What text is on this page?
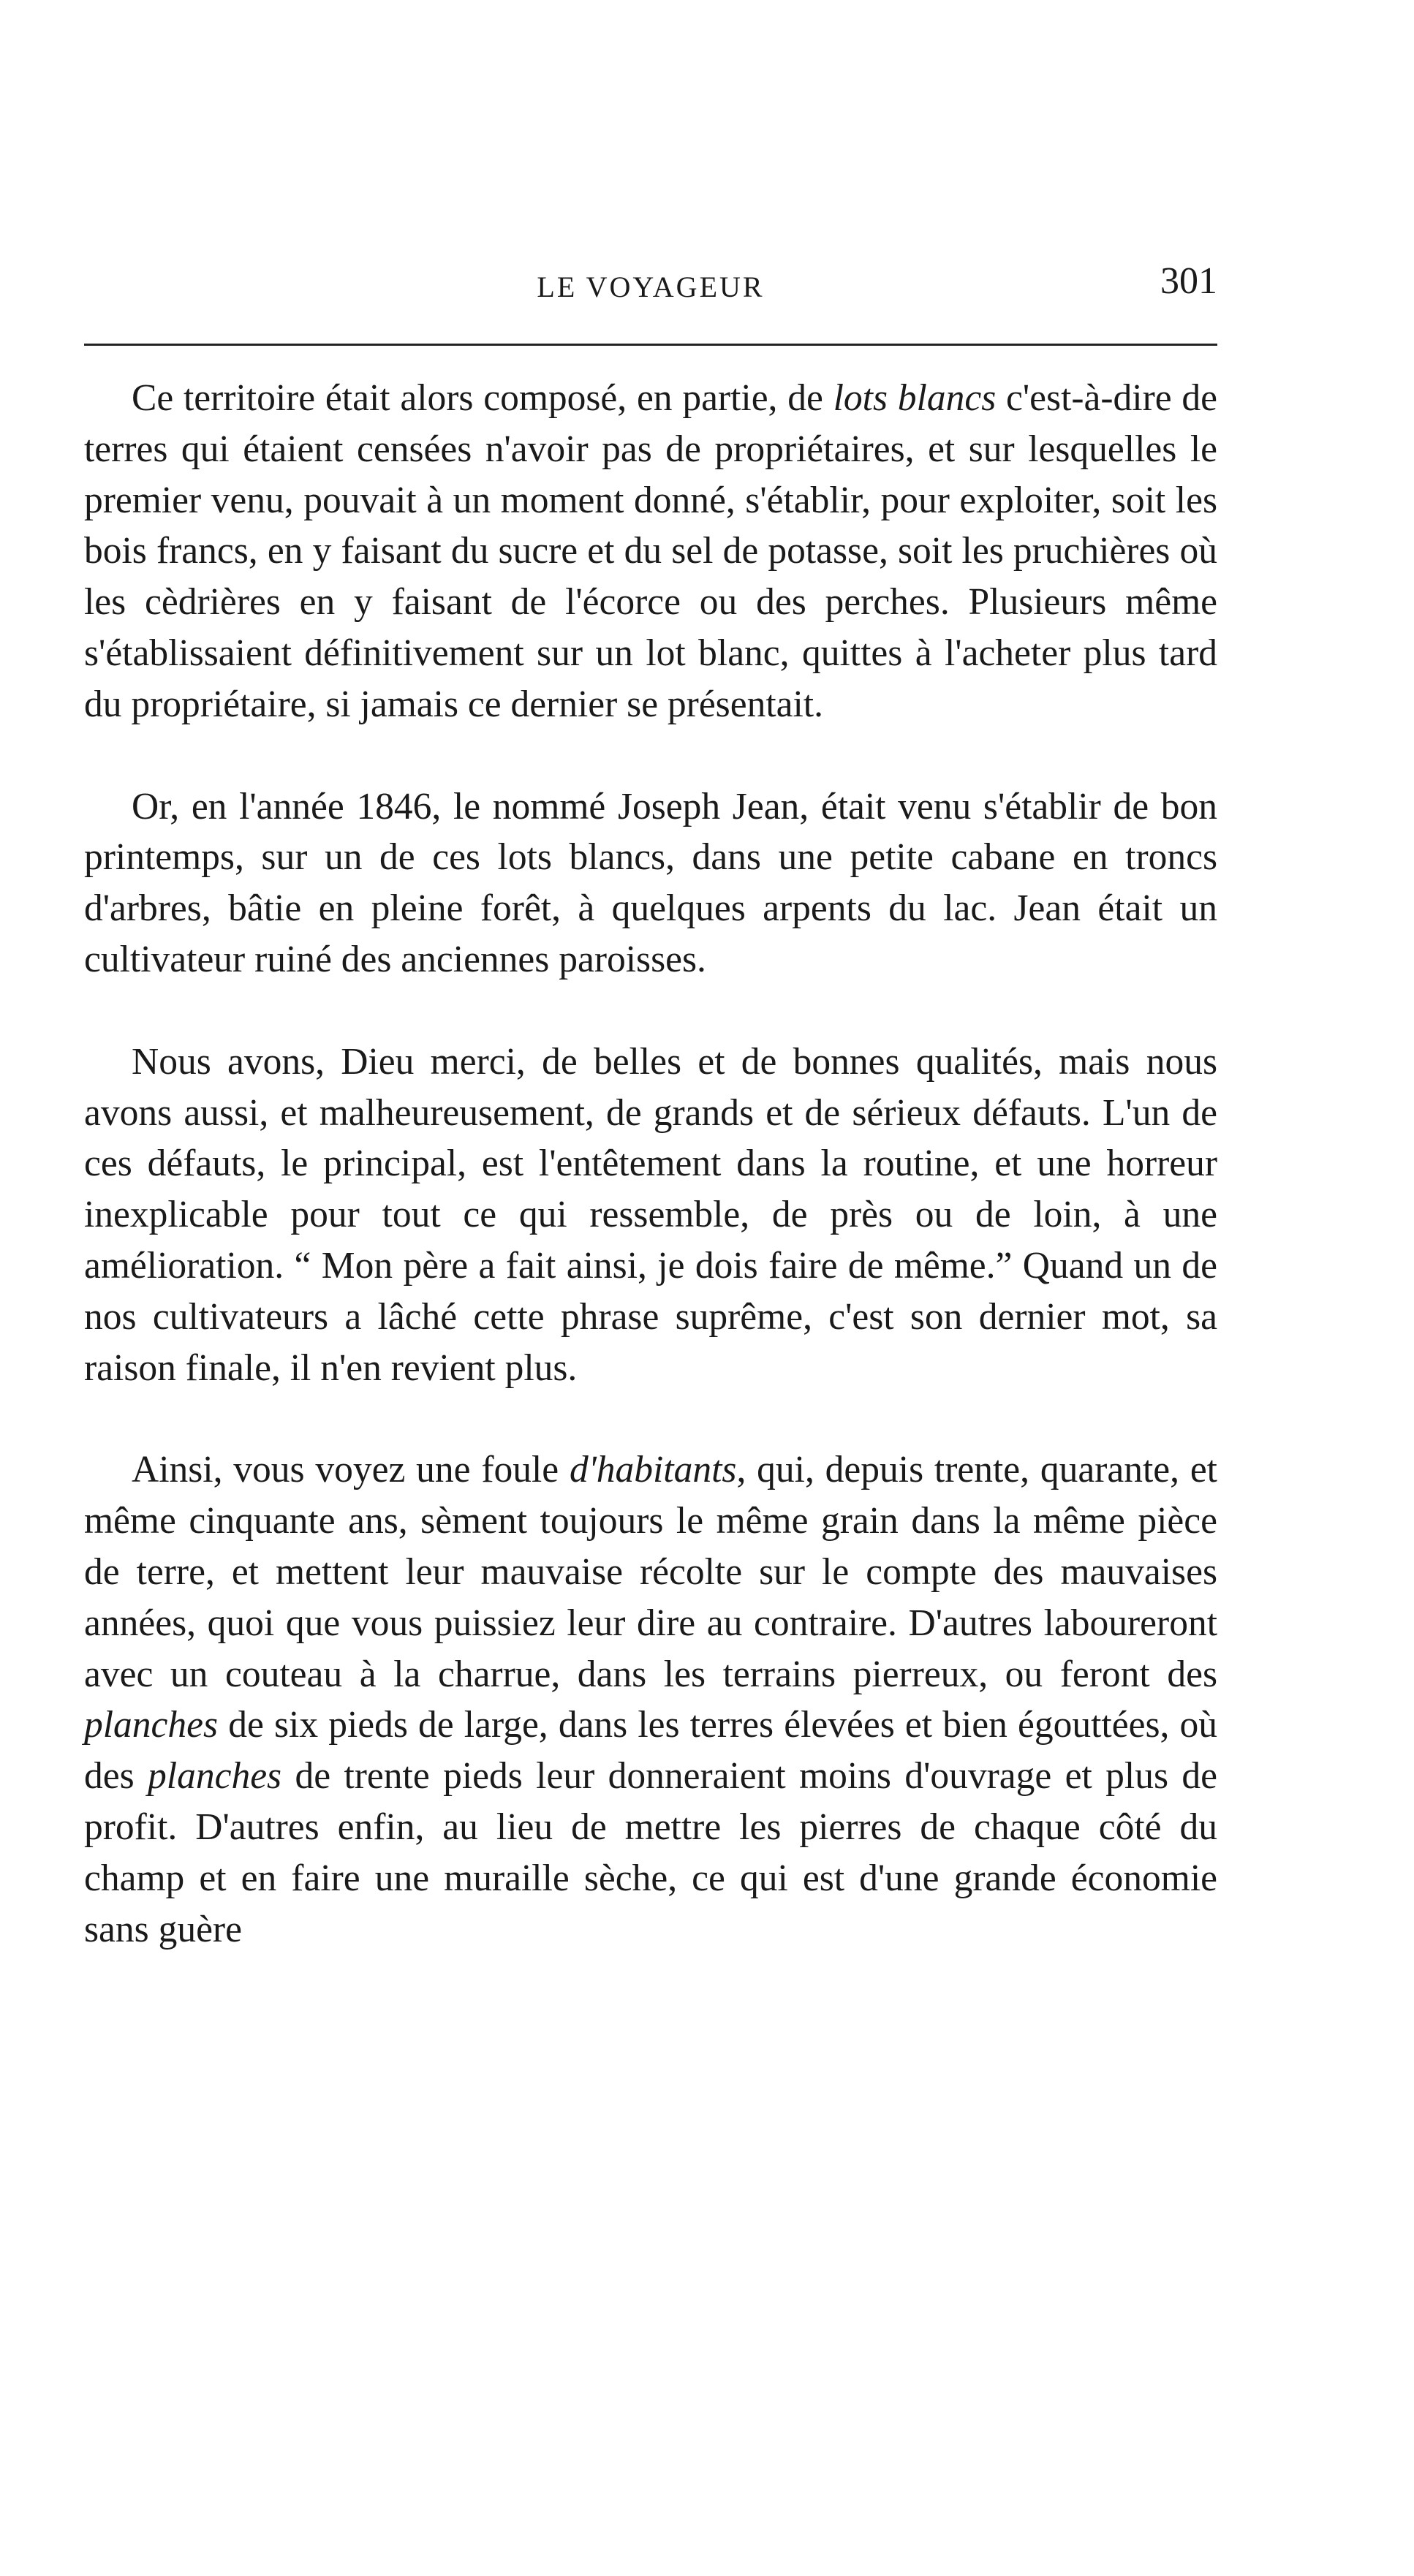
LE VOYAGEUR	301

Ce territoire était alors composé, en partie, de lots blancs c'est-à-dire de terres qui étaient censées n'avoir pas de propriétaires, et sur lesquelles le premier venu, pouvait à un moment donné, s'établir, pour exploiter, soit les bois francs, en y faisant du sucre et du sel de potasse, soit les pruchières où les cèdrières en y faisant de l'écorce ou des perches. Plusieurs même s'établissaient définitivement sur un lot blanc, quittes à l'acheter plus tard du propriétaire, si jamais ce dernier se présentait.

Or, en l'année 1846, le nommé Joseph Jean, était venu s'établir de bon printemps, sur un de ces lots blancs, dans une petite cabane en troncs d'arbres, bâtie en pleine forêt, à quelques arpents du lac. Jean était un cultivateur ruiné des anciennes paroisses.

Nous avons, Dieu merci, de belles et de bonnes qualités, mais nous avons aussi, et malheureusement, de grands et de sérieux défauts. L'un de ces défauts, le principal, est l'entêtement dans la routine, et une horreur inexplicable pour tout ce qui ressemble, de près ou de loin, à une amélioration. “ Mon père a fait ainsi, je dois faire de même.” Quand un de nos cultivateurs a lâché cette phrase suprême, c'est son dernier mot, sa raison finale, il n'en revient plus.

Ainsi, vous voyez une foule d'habitants, qui, depuis trente, quarante, et même cinquante ans, sèment toujours le même grain dans la même pièce de terre, et mettent leur mauvaise récolte sur le compte des mauvaises années, quoi que vous puissiez leur dire au contraire. D'autres laboureront avec un couteau à la charrue, dans les terrains pierreux, ou feront des planches de six pieds de large, dans les terres élevées et bien égouttées, où des planches de trente pieds leur donneraient moins d'ouvrage et plus de profit. D'autres enfin, au lieu de mettre les pierres de chaque côté du champ et en faire une muraille sèche, ce qui est d'une grande économie sans guère
